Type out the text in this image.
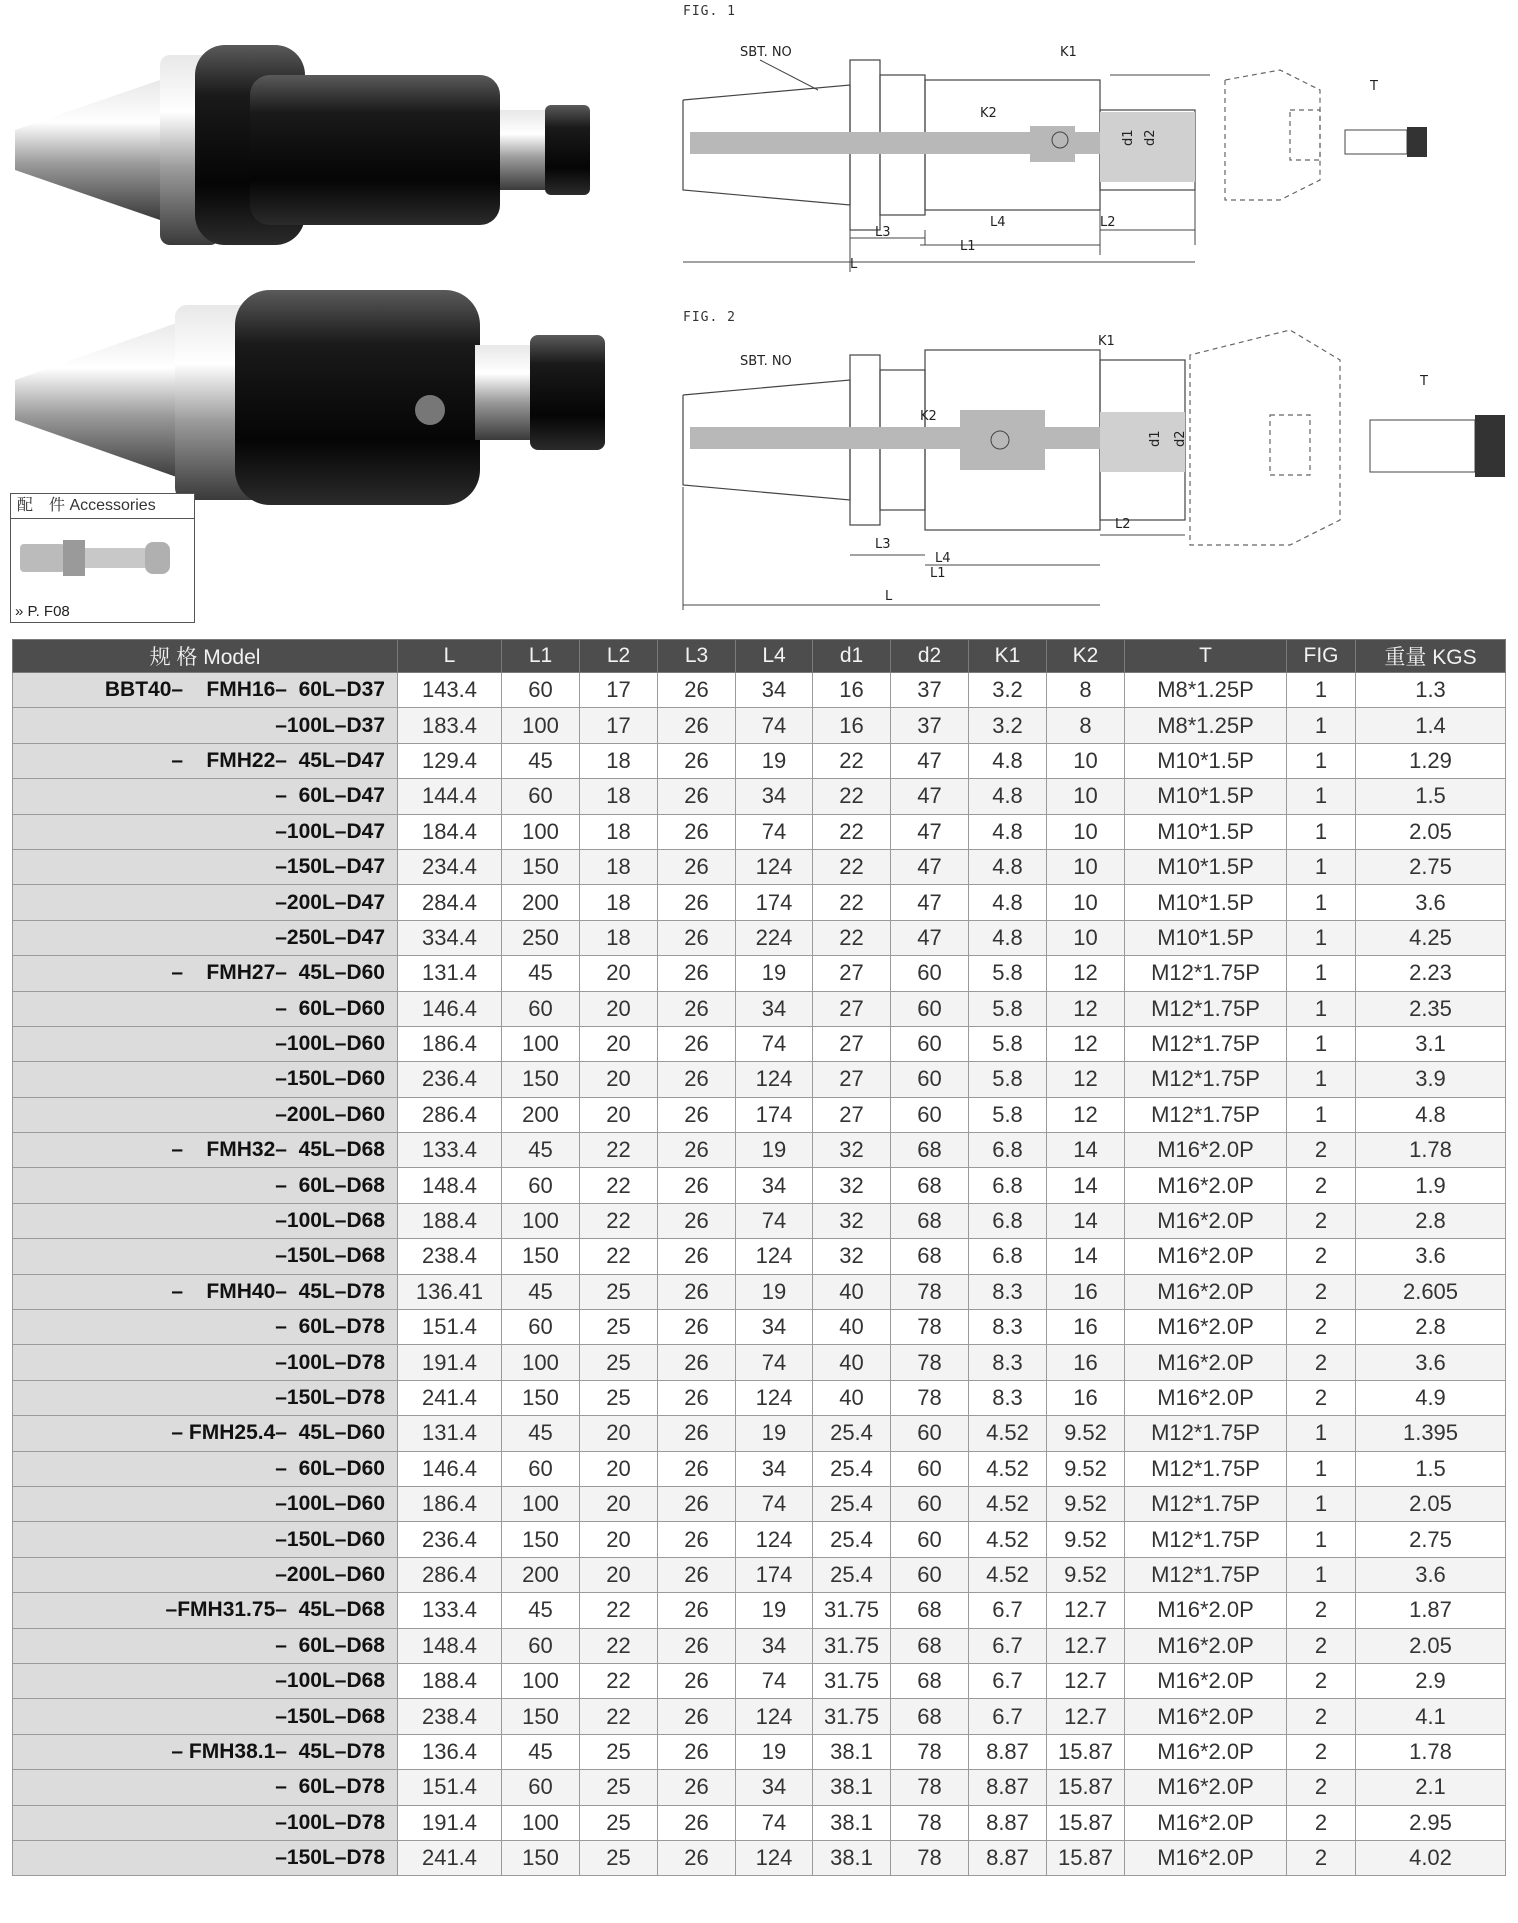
配　件 Accessories
» P. F08
FIG. 1
FIG. 2
SBT. NO	K1
K2
d1 d2
L3
L4
L1
L2
L
T
SBT. NO
K1
K2
d1 d2
L3
L4
L1
L2
L
T
规 格 Model	L	L1	L2	L3	L4	d1	d2	K1	K2	T	FIG	重量 KGS
BBT40–    FMH16–  60L–D37	143.4	60	17	26	34	16	37	3.2	8	M8*1.25P	1	1.3
–100L–D37	183.4	100	17	26	74	16	37	3.2	8	M8*1.25P	1	1.4
–    FMH22–  45L–D47	129.4	45	18	26	19	22	47	4.8	10	M10*1.5P	1	1.29
–  60L–D47	144.4	60	18	26	34	22	47	4.8	10	M10*1.5P	1	1.5
–100L–D47	184.4	100	18	26	74	22	47	4.8	10	M10*1.5P	1	2.05
–150L–D47	234.4	150	18	26	124	22	47	4.8	10	M10*1.5P	1	2.75
–200L–D47	284.4	200	18	26	174	22	47	4.8	10	M10*1.5P	1	3.6
–250L–D47	334.4	250	18	26	224	22	47	4.8	10	M10*1.5P	1	4.25
–    FMH27–  45L–D60	131.4	45	20	26	19	27	60	5.8	12	M12*1.75P	1	2.23
–  60L–D60	146.4	60	20	26	34	27	60	5.8	12	M12*1.75P	1	2.35
–100L–D60	186.4	100	20	26	74	27	60	5.8	12	M12*1.75P	1	3.1
–150L–D60	236.4	150	20	26	124	27	60	5.8	12	M12*1.75P	1	3.9
–200L–D60	286.4	200	20	26	174	27	60	5.8	12	M12*1.75P	1	4.8
–    FMH32–  45L–D68	133.4	45	22	26	19	32	68	6.8	14	M16*2.0P	2	1.78
–  60L–D68	148.4	60	22	26	34	32	68	6.8	14	M16*2.0P	2	1.9
–100L–D68	188.4	100	22	26	74	32	68	6.8	14	M16*2.0P	2	2.8
–150L–D68	238.4	150	22	26	124	32	68	6.8	14	M16*2.0P	2	3.6
–    FMH40–  45L–D78	136.41	45	25	26	19	40	78	8.3	16	M16*2.0P	2	2.605
–  60L–D78	151.4	60	25	26	34	40	78	8.3	16	M16*2.0P	2	2.8
–100L–D78	191.4	100	25	26	74	40	78	8.3	16	M16*2.0P	2	3.6
–150L–D78	241.4	150	25	26	124	40	78	8.3	16	M16*2.0P	2	4.9
– FMH25.4–  45L–D60	131.4	45	20	26	19	25.4	60	4.52	9.52	M12*1.75P	1	1.395
–  60L–D60	146.4	60	20	26	34	25.4	60	4.52	9.52	M12*1.75P	1	1.5
–100L–D60	186.4	100	20	26	74	25.4	60	4.52	9.52	M12*1.75P	1	2.05
–150L–D60	236.4	150	20	26	124	25.4	60	4.52	9.52	M12*1.75P	1	2.75
–200L–D60	286.4	200	20	26	174	25.4	60	4.52	9.52	M12*1.75P	1	3.6
–FMH31.75–  45L–D68	133.4	45	22	26	19	31.75	68	6.7	12.7	M16*2.0P	2	1.87
–  60L–D68	148.4	60	22	26	34	31.75	68	6.7	12.7	M16*2.0P	2	2.05
–100L–D68	188.4	100	22	26	74	31.75	68	6.7	12.7	M16*2.0P	2	2.9
–150L–D68	238.4	150	22	26	124	31.75	68	6.7	12.7	M16*2.0P	2	4.1
– FMH38.1–  45L–D78	136.4	45	25	26	19	38.1	78	8.87	15.87	M16*2.0P	2	1.78
–  60L–D78	151.4	60	25	26	34	38.1	78	8.87	15.87	M16*2.0P	2	2.1
–100L–D78	191.4	100	25	26	74	38.1	78	8.87	15.87	M16*2.0P	2	2.95
–150L–D78	241.4	150	25	26	124	38.1	78	8.87	15.87	M16*2.0P	2	4.02
